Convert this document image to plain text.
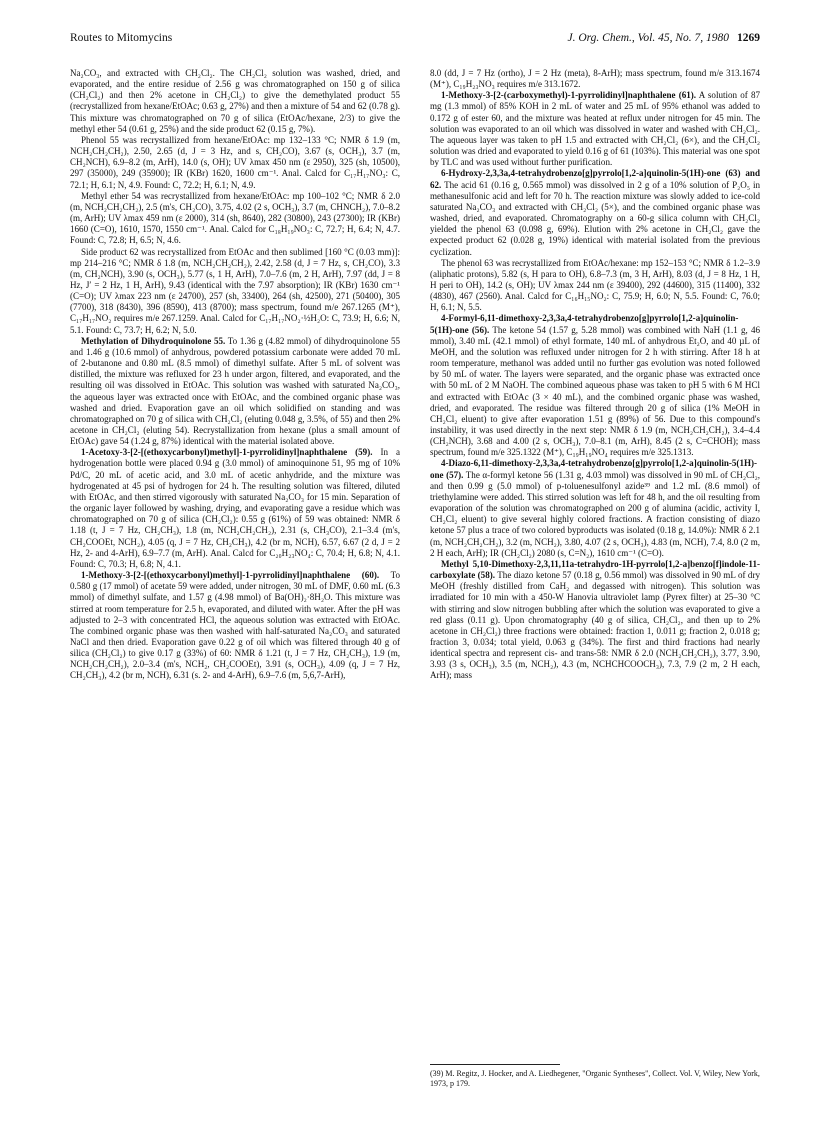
Routes to Mitomycins	J. Org. Chem., Vol. 45, No. 7, 1980 1269

Na₂CO₃, and extracted with CH₂Cl₂. The CH₂Cl₂ solution was washed, dried, and evaporated, and the entire residue of 2.56 g was chromatographed on 150 g of silica (CH₂Cl₂) and then 2% acetone in CH₂Cl₂) to give the demethylated product 55 (recrystallized from hexane/EtOAc; 0.63 g, 27%) and then a mixture of 54 and 62 (0.78 g). This mixture was chromatographed on 70 g of silica (EtOAc/hexane, 2/3) to give the methyl ether 54 (0.61 g, 25%) and the side product 62 (0.15 g, 7%).

Phenol 55 was recrystallized from hexane/EtOAc: mp 132–133 °C; NMR δ 1.9 (m, NCH₂CH₂CH₂), 2.50, 2.65 (d, J = 3 Hz, and s, CH₂CO), 3.67 (s, OCH₃), 3.7 (m, CH₂NCH), 6.9–8.2 (m, ArH), 14.0 (s, OH); UV λmax 450 nm (ε 2950), 325 (sh, 10500), 297 (35000), 249 (35900); IR (KBr) 1620, 1600 cm⁻¹. Anal. Calcd for C₁₇H₁₇NO₃: C, 72.1; H, 6.1; N, 4.9. Found: C, 72.2; H, 6.1; N, 4.9.

Methyl ether 54 was recrystallized from hexane/EtOAc: mp 100–102 °C; NMR δ 2.0 (m, NCH₂CH₂CH₂), 2.5 (m's, CH₂CO), 3.75, 4.02 (2 s, OCH₃), 3.7 (m, CHNCH₂), 7.0–8.2 (m, ArH); UV λmax 459 nm (ε 2000), 314 (sh, 8640), 282 (30800), 243 (27300); IR (KBr) 1660 (C=O), 1610, 1570, 1550 cm⁻¹. Anal. Calcd for C₁₈H₁₉NO₃: C, 72.7; H, 6.4; N, 4.7. Found: C, 72.8; H, 6.5; N, 4.6.

Side product 62 was recrystallized from EtOAc and then sublimed [160 °C (0.03 mm)]: mp 214–216 °C; NMR δ 1.8 (m, NCH₂CH₂CH₂), 2.42, 2.58 (d, J = 7 Hz, s, CH₂CO), 3.3 (m, CH₂NCH), 3.90 (s, OCH₃), 5.77 (s, 1 H, ArH), 7.0–7.6 (m, 2 H, ArH), 7.97 (dd, J = 8 Hz, J′ = 2 Hz, 1 H, ArH), 9.43 (identical with the 7.97 absorption); IR (KBr) 1630 cm⁻¹ (C=O); UV λmax 223 nm (ε 24700), 257 (sh, 33400), 264 (sh, 42500), 271 (50400), 305 (7700), 318 (8430), 396 (8590), 413 (8700); mass spectrum, found m/e 267.1265 (M⁺), C₁₇H₁₇NO₂ requires m/e 267.1259. Anal. Calcd for C₁₇H₁₇NO₂·½H₂O: C, 73.9; H, 6.6; N, 5.1. Found: C, 73.7; H, 6.2; N, 5.0.

Methylation of Dihydroquinolone 55. To 1.36 g (4.82 mmol) of dihydroquinolone 55 and 1.46 g (10.6 mmol) of anhydrous, powdered potassium carbonate were added 70 mL of 2-butanone and 0.80 mL (8.5 mmol) of dimethyl sulfate. After 5 mL of solvent was distilled, the mixture was refluxed for 23 h under argon, filtered, and evaporated, and the resulting oil was dissolved in EtOAc. This solution was washed with saturated Na₂CO₃, the aqueous layer was extracted once with EtOAc, and the combined organic phase was washed and dried. Evaporation gave an oil which solidified on standing and was chromatographed on 70 g of silica with CH₂Cl₂ (eluting 0.048 g, 3.5%, of 55) and then 2% acetone in CH₂Cl₂ (eluting 54). Recrystallization from hexane (plus a small amount of EtOAc) gave 54 (1.24 g, 87%) identical with the material isolated above.

1-Acetoxy-3-[2-[(ethoxycarbonyl)methyl]-1-pyrrolidinyl]naphthalene (59). In a hydrogenation bottle were placed 0.94 g (3.0 mmol) of aminoquinone 51, 95 mg of 10% Pd/C, 20 mL of acetic acid, and 3.0 mL of acetic anhydride, and the mixture was hydrogenated at 45 psi of hydrogen for 24 h. The resulting solution was filtered, diluted with EtOAc, and then stirred vigorously with saturated Na₂CO₃ for 15 min. Separation of the organic layer followed by washing, drying, and evaporating gave a residue which was chromatographed on 70 g of silica (CH₂Cl₂): 0.55 g (61%) of 59 was obtained: NMR δ 1.18 (t, J = 7 Hz, CH₂CH₃), 1.8 (m, NCH₂CH₂CH₂), 2.31 (s, CH₃CO), 2.1–3.4 (m's, CH₂COOEt, NCH₂), 4.05 (q, J = 7 Hz, CH₂CH₃), 4.2 (br m, NCH), 6.57, 6.67 (2 d, J = 2 Hz, 2- and 4-ArH), 6.9–7.7 (m, ArH). Anal. Calcd for C₂₀H₂₃NO₄: C, 70.4; H, 6.8; N, 4.1. Found: C, 70.3; H, 6.8; N, 4.1.

1-Methoxy-3-[2-[(ethoxycarbonyl)methyl]-1-pyrrolidinyl]naphthalene (60). To 0.580 g (17 mmol) of acetate 59 were added, under nitrogen, 30 mL of DMF, 0.60 mL (6.3 mmol) of dimethyl sulfate, and 1.57 g (4.98 mmol) of Ba(OH)₂·8H₂O. This mixture was stirred at room temperature for 2.5 h, evaporated, and diluted with water. After the pH was adjusted to 2–3 with concentrated HCl, the aqueous solution was extracted with EtOAc. The combined organic phase was then washed with half-saturated Na₂CO₃ and saturated NaCl and then dried. Evaporation gave 0.22 g of oil which was filtered through 40 g of silica (CH₂Cl₂) to give 0.17 g (33%) of 60: NMR δ 1.21 (t, J = 7 Hz, CH₂CH₃), 1.9 (m, NCH₂CH₂CH₂), 2.0–3.4 (m's, NCH₂, CH₂COOEt), 3.91 (s, OCH₃), 4.09 (q, J = 7 Hz, CH₂CH₃), 4.2 (br m, NCH), 6.31 (s. 2- and 4-ArH), 6.9–7.6 (m, 5,6,7-ArH),

8.0 (dd, J = 7 Hz (ortho), J = 2 Hz (meta), 8-ArH); mass spectrum, found m/e 313.1674 (M⁺), C₁₉H₂₃NO₃ requires m/e 313.1672.

1-Methoxy-3-[2-(carboxymethyl)-1-pyrrolidinyl]naphthalene (61). A solution of 87 mg (1.3 mmol) of 85% KOH in 2 mL of water and 25 mL of 95% ethanol was added to 0.172 g of ester 60, and the mixture was heated at reflux under nitrogen for 45 min. The solution was evaporated to an oil which was dissolved in water and washed with CH₂Cl₂. The aqueous layer was taken to pH 1.5 and extracted with CH₂Cl₂ (6×), and the CH₂Cl₂ solution was dried and evaporated to yield 0.16 g of 61 (103%). This material was one spot by TLC and was used without further purification.

6-Hydroxy-2,3,3a,4-tetrahydrobenzo[g]pyrrolo[1,2-a]quinolin-5(1H)-one (63) and 62. The acid 61 (0.16 g, 0.565 mmol) was dissolved in 2 g of a 10% solution of P₂O₅ in methanesulfonic acid and left for 70 h. The reaction mixture was slowly added to ice-cold saturated Na₂CO₃ and extracted with CH₂Cl₂ (5×), and the combined organic phase was washed, dried, and evaporated. Chromatography on a 60-g silica column with CH₂Cl₂ yielded the phenol 63 (0.098 g, 69%). Elution with 2% acetone in CH₂Cl₂ gave the expected product 62 (0.028 g, 19%) identical with material isolated from the previous cyclization.

The phenol 63 was recrystallized from EtOAc/hexane: mp 152–153 °C; NMR δ 1.2–3.9 (aliphatic protons), 5.82 (s, H para to OH), 6.8–7.3 (m, 3 H, ArH), 8.03 (d, J = 8 Hz, 1 H, H peri to OH), 14.2 (s, OH); UV λmax 244 nm (ε 39400), 292 (44600), 315 (11400), 332 (4830), 467 (2560). Anal. Calcd for C₁₆H₁₅NO₂: C, 75.9; H, 6.0; N, 5.5. Found: C, 76.0; H, 6.1; N, 5.5.

4-Formyl-6,11-dimethoxy-2,3,3a,4-tetrahydrobenzo[g]pyrrolo[1,2-a]quinolin-5(1H)-one (56). The ketone 54 (1.57 g, 5.28 mmol) was combined with NaH (1.1 g, 46 mmol), 3.40 mL (42.1 mmol) of ethyl formate, 140 mL of anhydrous Et₂O, and 40 µL of MeOH, and the solution was refluxed under nitrogen for 2 h with stirring. After 18 h at room temperature, methanol was added until no further gas evolution was noted followed by 50 mL of water. The layers were separated, and the organic phase was extracted once with 50 mL of 2 M NaOH. The combined aqueous phase was taken to pH 5 with 6 M HCl and extracted with EtOAc (3 × 40 mL), and the combined organic phase was washed, dried, and evaporated. The residue was filtered through 20 g of silica (1% MeOH in CH₂Cl₂ eluent) to give after evaporation 1.51 g (89%) of 56. Due to this compound's instability, it was used directly in the next step: NMR δ 1.9 (m, NCH₂CH₂CH₂), 3.4–4.4 (CH₂NCH), 3.68 and 4.00 (2 s, OCH₃), 7.0–8.1 (m, ArH), 8.45 (2 s, C=CHOH); mass spectrum, found m/e 325.1322 (M⁺), C₁₉H₁₉NO₄ requires m/e 325.1313.

4-Diazo-6,11-dimethoxy-2,3,3a,4-tetrahydrobenzo[g]pyrrolo[1,2-a]quinolin-5(1H)-one (57). The α-formyl ketone 56 (1.31 g, 4.03 mmol) was dissolved in 90 mL of CH₂Cl₂, and then 0.99 g (5.0 mmol) of p-toluenesulfonyl azide³⁹ and 1.2 mL (8.6 mmol) of triethylamine were added. This stirred solution was left for 48 h, and the oil resulting from evaporation of the solution was chromatographed on 200 g of alumina (acidic, activity I, CH₂Cl₂ eluent) to give several highly colored fractions. A fraction consisting of diazo ketone 57 plus a trace of two colored byproducts was isolated (0.18 g, 14.0%): NMR δ 2.1 (m, NCH₂CH₂CH₂), 3.2 (m, NCH₂), 3.80, 4.07 (2 s, OCH₃), 4.83 (m, NCH), 7.4, 8.0 (2 m, 2 H each, ArH); IR (CH₂Cl₂) 2080 (s, C=N₂), 1610 cm⁻¹ (C=O).

Methyl 5,10-Dimethoxy-2,3,11,11a-tetrahydro-1H-pyrrolo[1,2-a]benzo[f]indole-11-carboxylate (58). The diazo ketone 57 (0.18 g, 0.56 mmol) was dissolved in 90 mL of dry MeOH (freshly distilled from CaH₂ and degassed with nitrogen). This solution was irradiated for 10 min with a 450-W Hanovia ultraviolet lamp (Pyrex filter) at 25–30 °C with stirring and slow nitrogen bubbling after which the solution was evaporated to give a red glass (0.11 g). Upon chromatography (40 g of silica, CH₂Cl₂, and then up to 2% acetone in CH₂Cl₂) three fractions were obtained: fraction 1, 0.011 g; fraction 2, 0.018 g; fraction 3, 0.034; total yield, 0.063 g (34%). The first and third fractions had nearly identical spectra and represent cis- and trans-58: NMR δ 2.0 (NCH₂CH₂CH₂), 3.77, 3.90, 3.93 (3 s, OCH₃), 3.5 (m, NCH₂), 4.3 (m, NCHCHCOOCH₃), 7.3, 7.9 (2 m, 2 H each, ArH); mass

(39) M. Regitz, J. Hocker, and A. Liedhegener, "Organic Syntheses", Collect. Vol. V, Wiley, New York, 1973, p 179.
